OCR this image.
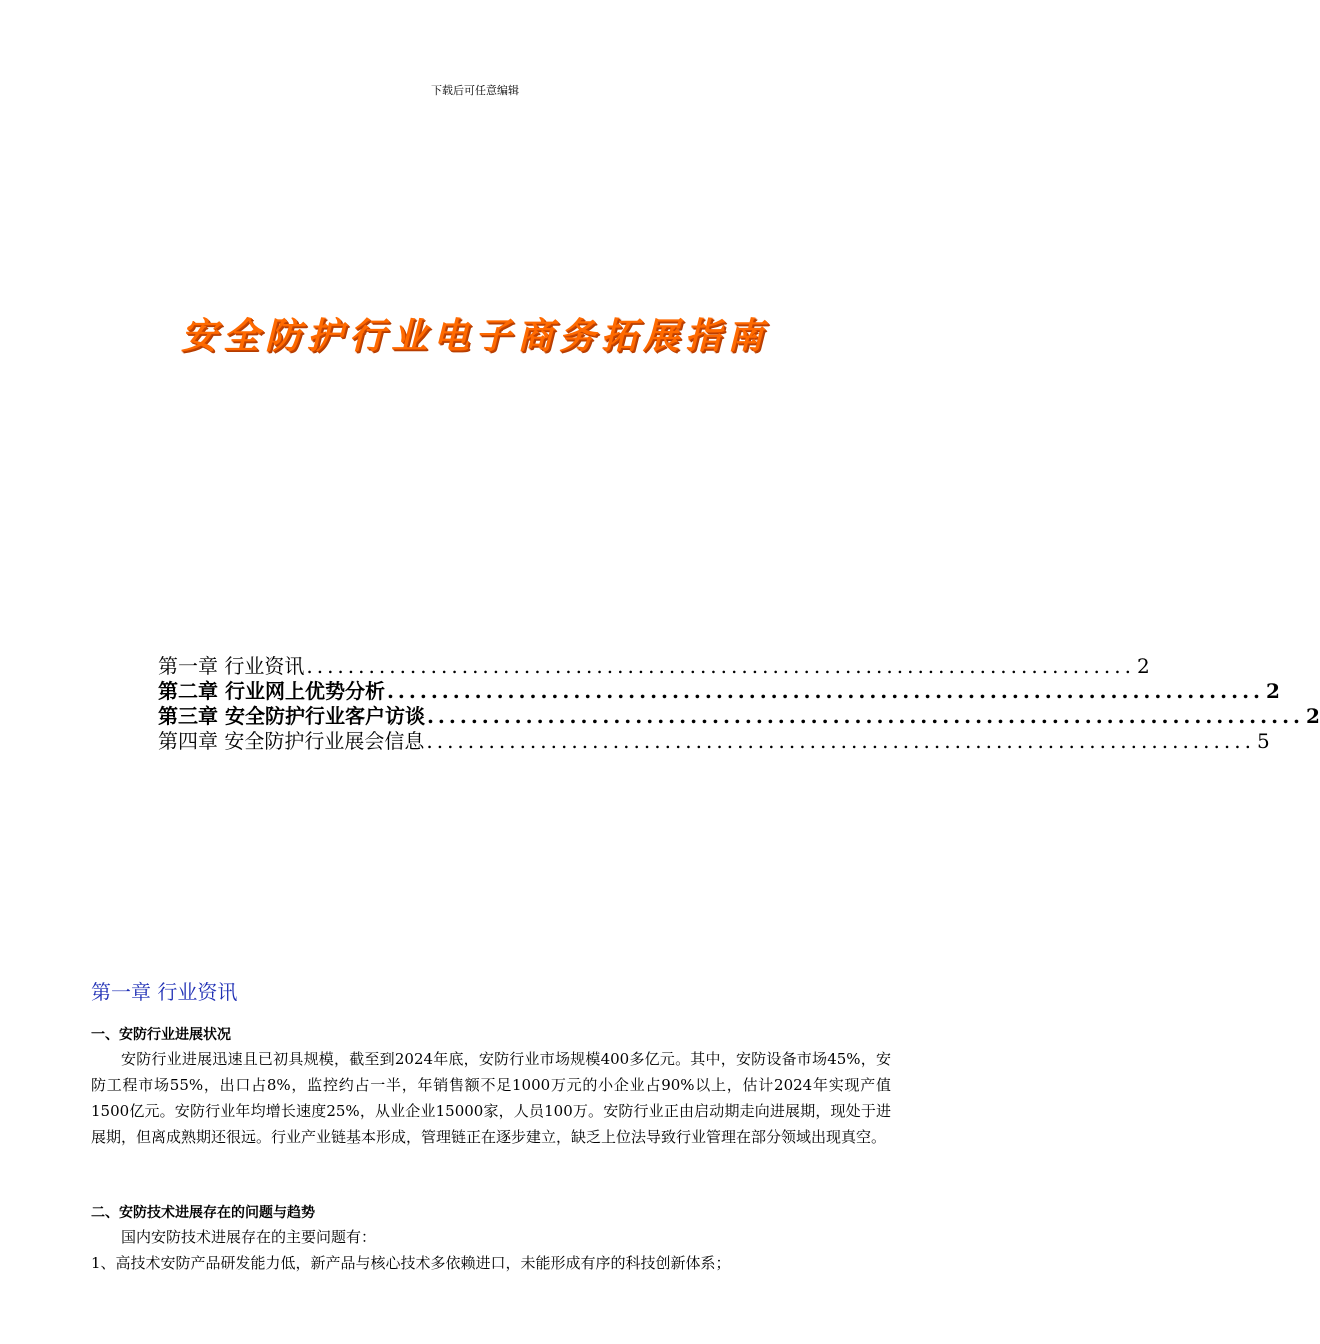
下载后可任意编辑
安全防护行业电子商务拓展指南
第一章 行业资讯 ................................................................................ 2
第二章 行业网上优势分析 ................................................................................ 2
第三章 安全防护行业客户访谈 ................................................................................ 2
第四章 安全防护行业展会信息 ................................................................................ 5
第一章 行业资讯
一、安防行业进展状况
安防行业进展迅速且已初具规模，截至到2024年底，安防行业市场规模400多亿元。其中，安防设备市场45%，安防工程市场55%，出口占8%，监控约占一半，年销售额不足1000万元的小企业占90%以上，估计2024年实现产值1500亿元。安防行业年均增长速度25%，从业企业15000家，人员100万。安防行业正由启动期走向进展期，现处于进展期，但离成熟期还很远。行业产业链基本形成，管理链正在逐步建立，缺乏上位法导致行业管理在部分领域出现真空。
二、安防技术进展存在的问题与趋势
国内安防技术进展存在的主要问题有：
1、高技术安防产品研发能力低，新产品与核心技术多依赖进口，未能形成有序的科技创新体系；
